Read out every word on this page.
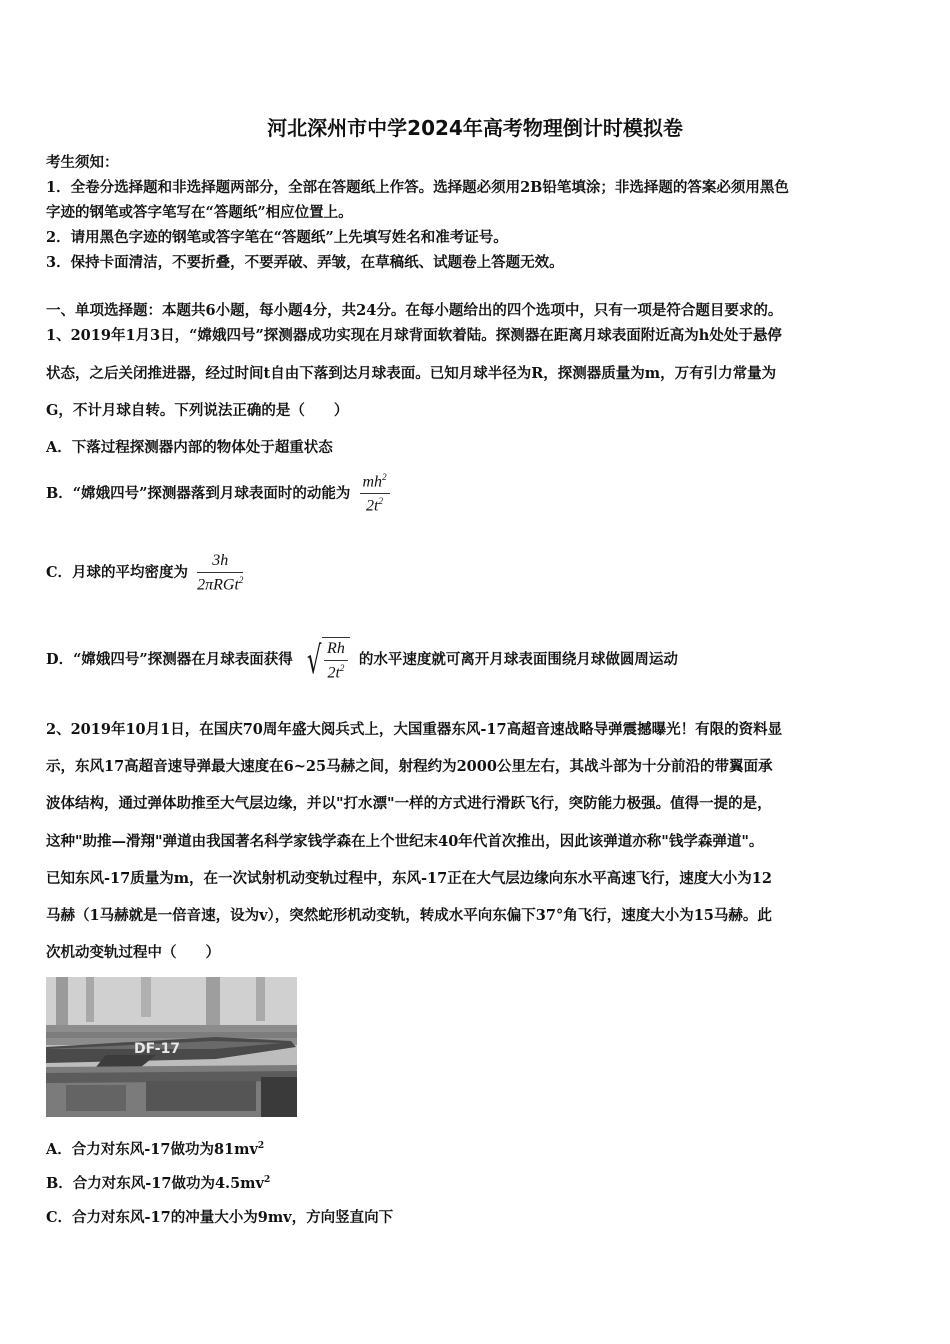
河北深州市中学2024年高考物理倒计时模拟卷
考生须知：
1．全卷分选择题和非选择题两部分，全部在答题纸上作答。选择题必须用2B铅笔填涂；非选择题的答案必须用黑色
字迹的钢笔或答字笔写在“答题纸”相应位置上。
2．请用黑色字迹的钢笔或答字笔在“答题纸”上先填写姓名和准考证号。
3．保持卡面清洁，不要折叠，不要弄破、弄皱，在草稿纸、试题卷上答题无效。
一、单项选择题：本题共6小题，每小题4分，共24分。在每小题给出的四个选项中，只有一项是符合题目要求的。
1、2019年1月3日，“嫦娥四号”探测器成功实现在月球背面软着陆。探测器在距离月球表面附近高为h处处于悬停
状态，之后关闭推进器，经过时间t自由下落到达月球表面。已知月球半径为R，探测器质量为m，万有引力常量为
G，不计月球自转。下列说法正确的是（　　）
A．下落过程探测器内部的物体处于超重状态
B．“嫦娥四号”探测器落到月球表面时的动能为 $\frac{mh^2}{2t^2}$
C．月球的平均密度为 $\frac{3h}{2\pi RGt^2}$
D．“嫦娥四号”探测器在月球表面获得 √ $\frac{Rh}{2t^2}$ 的水平速度就可离开月球表面围绕月球做圆周运动
2、2019年10月1日，在国庆70周年盛大阅兵式上，大国重器东风-17高超音速战略导弹震撼曝光！有限的资料显
示，东风17高超音速导弹最大速度在6~25马赫之间，射程约为2000公里左右，其战斗部为十分前沿的带翼面承
波体结构，通过弹体助推至大气层边缘，并以"打水漂"一样的方式进行滑跃飞行，突防能力极强。值得一提的是，
这种"助推—滑翔"弹道由我国著名科学家钱学森在上个世纪末40年代首次推出，因此该弹道亦称"钱学森弹道"。
已知东风-17质量为m，在一次试射机动变轨过程中，东风-17正在大气层边缘向东水平高速飞行，速度大小为12
马赫（1马赫就是一倍音速，设为v），突然蛇形机动变轨，转成水平向东偏下37°角飞行，速度大小为15马赫。此
次机动变轨过程中（　　）
DF-17
A．合力对东风-17做功为$81mv^2$
B．合力对东风-17做功为$4.5mv^2$
C．合力对东风-17的冲量大小为9mv，方向竖直向下
